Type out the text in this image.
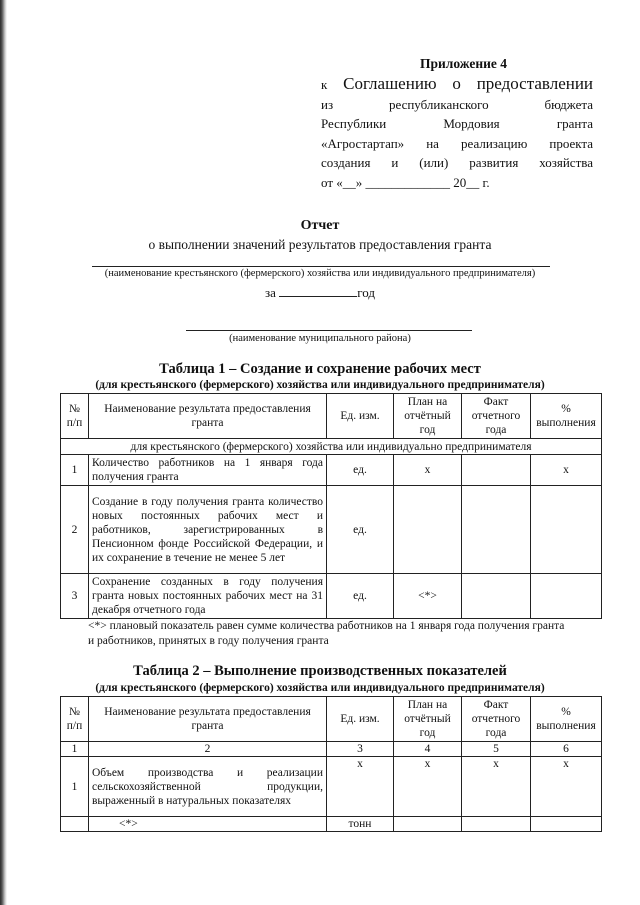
Приложение 4
к Соглашению о предоставлении
из	республиканского	бюджета
Республики	Мордовия	гранта
«Агростартап» на реализацию проекта
создания и (или) развития хозяйства
от «__» _____________ 20__ г.
Отчет
о выполнении значений результатов предоставления гранта
(наименование крестьянского (фермерского) хозяйства или индивидуального предпринимателя)
за	год
(наименование муниципального района)
Таблица 1 – Создание и сохранение рабочих мест
(для крестьянского (фермерского) хозяйства или индивидуального предпринимателя)
№ п/п	Наименование результата предоставления гранта	Ед. изм.	План на отчётный год	Факт отчетного года	% выполнения
для крестьянского (фермерского) хозяйства или индивидуально предпринимателя					
1	Количество работников на 1 января года получения гранта	ед.	х		х
2	Создание в году получения гранта количество новых постоянных рабочих мест и работников, зарегистрированных в Пенсионном фонде Российской Федерации, и их сохранение в течение не менее 5 лет	ед.			
3	Сохранение созданных в году получения гранта новых постоянных рабочих мест на 31 декабря отчетного года	ед.	<*>		
<*> плановый показатель равен сумме количества работников на 1 января года получения гранта и работников, принятых в году получения гранта
Таблица 2 – Выполнение производственных показателей
(для крестьянского (фермерского) хозяйства или индивидуального предпринимателя)
№ п/п	Наименование результата предоставления гранта	Ед. изм.	План на отчётный год	Факт отчетного года	% выполнения
1	2	3	4	5	6
1	Объем производства и реализации сельскохозяйственной продукции, выраженный в натуральных показателях	х	х	х	х
	<*>	тонн			
